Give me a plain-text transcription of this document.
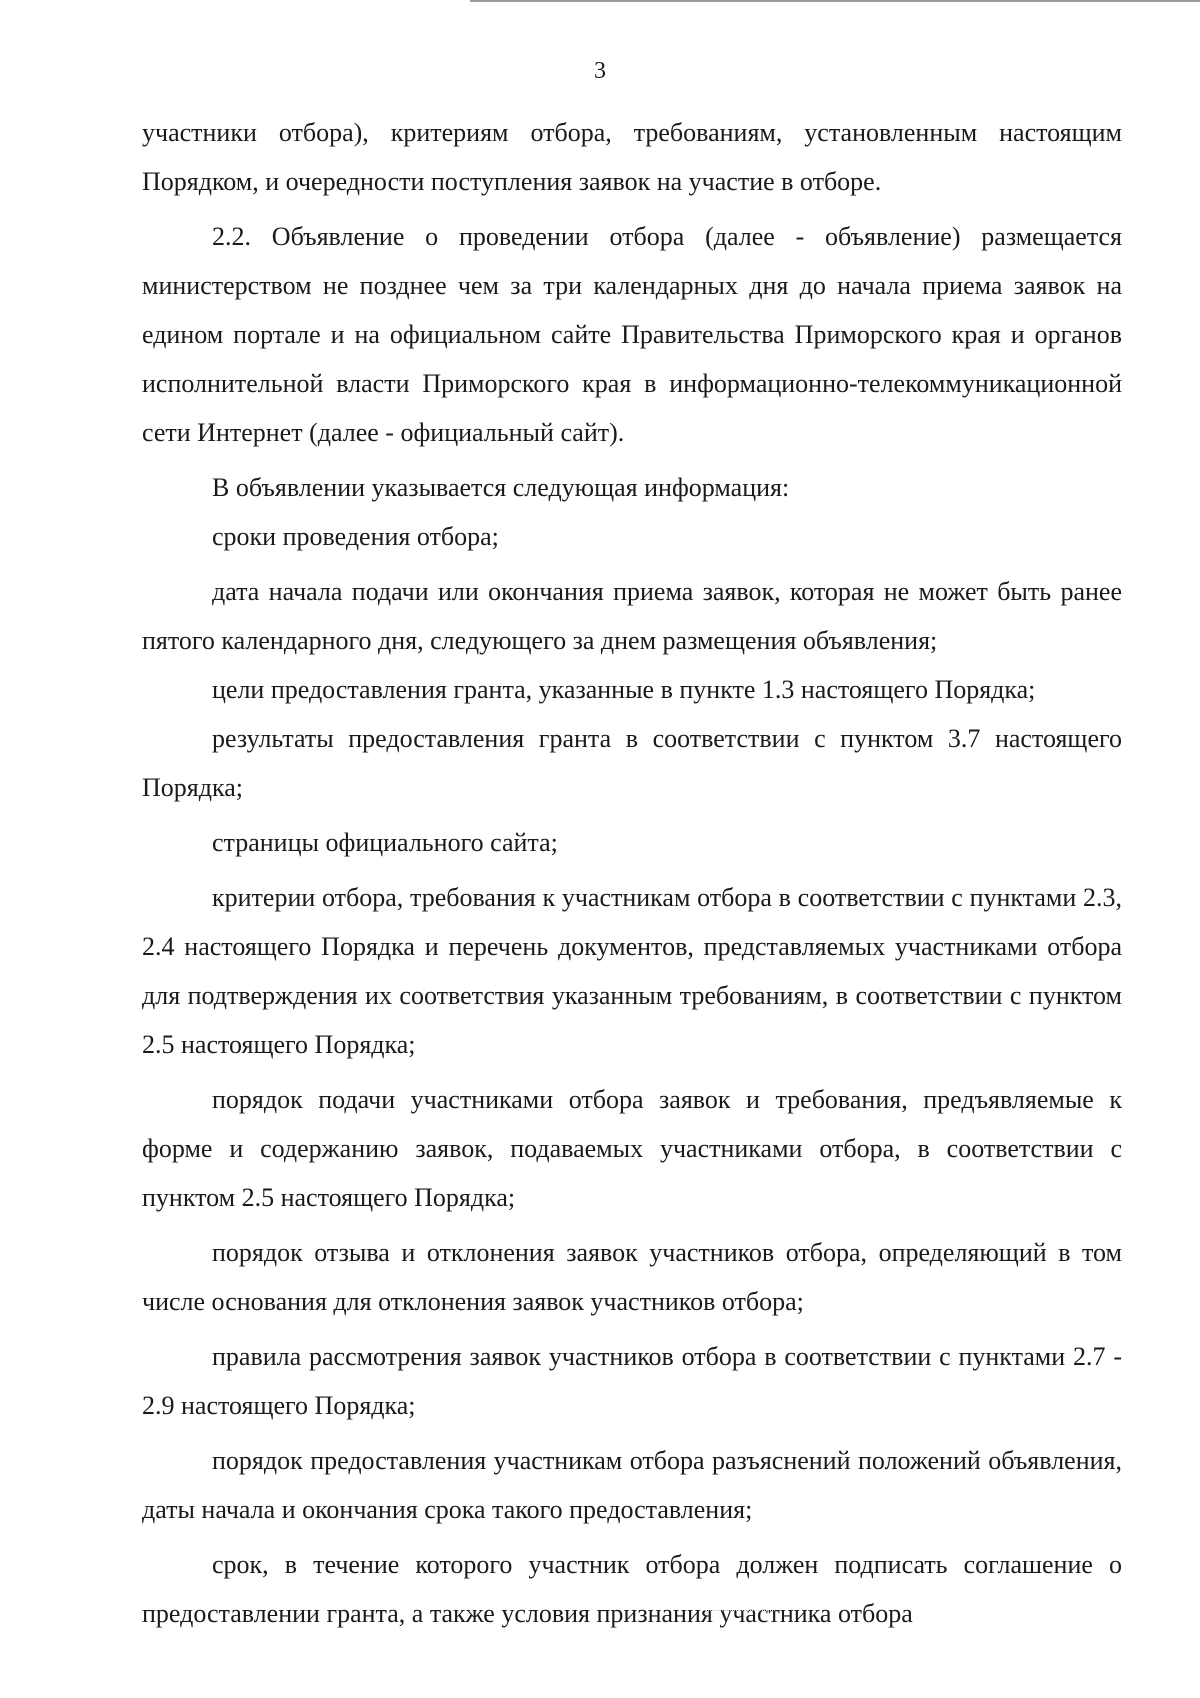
3

участники отбора), критериям отбора, требованиям, установленным настоящим Порядком, и очередности поступления заявок на участие в отборе.

2.2. Объявление о проведении отбора (далее - объявление) размещается министерством не позднее чем за три календарных дня до начала приема заявок на едином портале и на официальном сайте Правительства Приморского края и органов исполнительной власти Приморского края в информационно-телекоммуникационной сети Интернет (далее - официальный сайт).

В объявлении указывается следующая информация:

сроки проведения отбора;

дата начала подачи или окончания приема заявок, которая не может быть ранее пятого календарного дня, следующего за днем размещения объявления;

цели предоставления гранта, указанные в пункте 1.3 настоящего Порядка;

результаты предоставления гранта в соответствии с пунктом 3.7 настоящего Порядка;

страницы официального сайта;

критерии отбора, требования к участникам отбора в соответствии с пунктами 2.3, 2.4 настоящего Порядка и перечень документов, представляемых участниками отбора для подтверждения их соответствия указанным требованиям, в соответствии с пунктом 2.5 настоящего Порядка;

порядок подачи участниками отбора заявок и требования, предъявляемые к форме и содержанию заявок, подаваемых участниками отбора, в соответствии с пунктом 2.5 настоящего Порядка;

порядок отзыва и отклонения заявок участников отбора, определяющий в том числе основания для отклонения заявок участников отбора;

правила рассмотрения заявок участников отбора в соответствии с пунктами 2.7 - 2.9 настоящего Порядка;

порядок предоставления участникам отбора разъяснений положений объявления, даты начала и окончания срока такого предоставления;

срок, в течение которого участник отбора должен подписать соглашение о предоставлении гранта, а также условия признания участника отбора
